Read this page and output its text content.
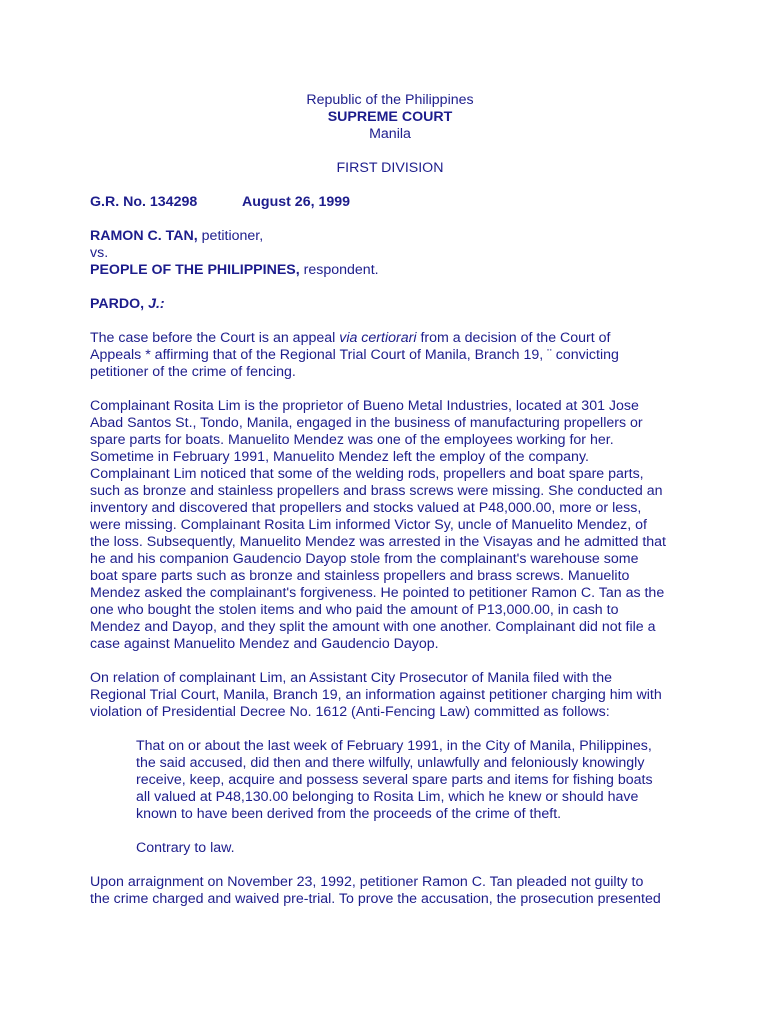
Republic of the Philippines
SUPREME COURT
Manila
FIRST DIVISION
G.R. No. 134298	August 26, 1999
RAMON C. TAN, petitioner,
vs.
PEOPLE OF THE PHILIPPINES, respondent.
PARDO, J.:

The case before the Court is an appeal via certiorari from a decision of the Court of
Appeals * affirming that of the Regional Trial Court of Manila, Branch 19, ¨ convicting
petitioner of the crime of fencing.

Complainant Rosita Lim is the proprietor of Bueno Metal Industries, located at 301 Jose
Abad Santos St., Tondo, Manila, engaged in the business of manufacturing propellers or
spare parts for boats. Manuelito Mendez was one of the employees working for her.
Sometime in February 1991, Manuelito Mendez left the employ of the company.
Complainant Lim noticed that some of the welding rods, propellers and boat spare parts,
such as bronze and stainless propellers and brass screws were missing. She conducted an
inventory and discovered that propellers and stocks valued at P48,000.00, more or less,
were missing. Complainant Rosita Lim informed Victor Sy, uncle of Manuelito Mendez, of
the loss. Subsequently, Manuelito Mendez was arrested in the Visayas and he admitted that
he and his companion Gaudencio Dayop stole from the complainant's warehouse some
boat spare parts such as bronze and stainless propellers and brass screws. Manuelito
Mendez asked the complainant's forgiveness. He pointed to petitioner Ramon C. Tan as the
one who bought the stolen items and who paid the amount of P13,000.00, in cash to
Mendez and Dayop, and they split the amount with one another. Complainant did not file a
case against Manuelito Mendez and Gaudencio Dayop.

On relation of complainant Lim, an Assistant City Prosecutor of Manila filed with the
Regional Trial Court, Manila, Branch 19, an information against petitioner charging him with
violation of Presidential Decree No. 1612 (Anti-Fencing Law) committed as follows:

That on or about the last week of February 1991, in the City of Manila, Philippines,
the said accused, did then and there wilfully, unlawfully and feloniously knowingly
receive, keep, acquire and possess several spare parts and items for fishing boats
all valued at P48,130.00 belonging to Rosita Lim, which he knew or should have
known to have been derived from the proceeds of the crime of theft.

Contrary to law.

Upon arraignment on November 23, 1992, petitioner Ramon C. Tan pleaded not guilty to
the crime charged and waived pre-trial. To prove the accusation, the prosecution presented
